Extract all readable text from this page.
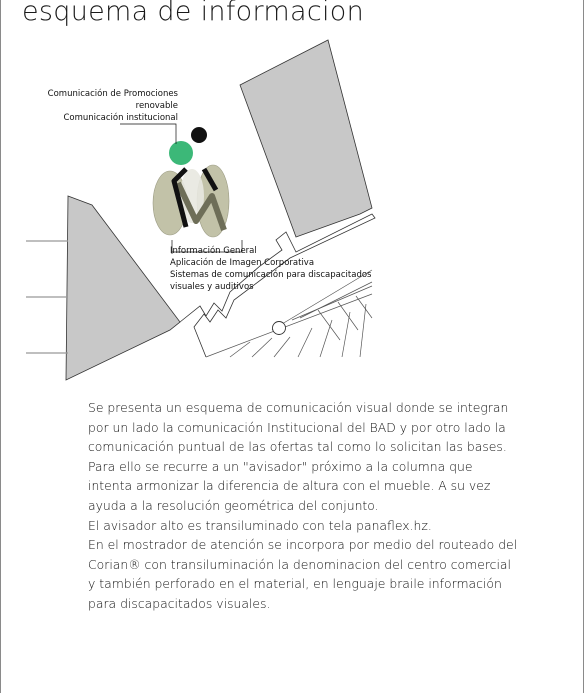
esquema de informacion
Comunicación de Promociones
renovable
Comunicación institucional
Información General
Aplicación de Imagen Corporativa
Sistemas de comunicación para discapacitados
visuales y auditivos

Se presenta un esquema de comunicación visual donde se integran por un lado la comunicación Institucional del BAD y por otro lado la comunicación puntual de las ofertas tal como lo solicitan las bases.

Para ello se recurre a un "avisador" próximo a la columna que intenta armonizar la diferencia de altura con el mueble. A su vez ayuda a la resolución geométrica del conjunto.

El avisador alto es transiluminado con tela panaflex.hz.

En el mostrador de atención se incorpora por medio del routeado del Corian® con transiluminación la denominacion del centro comercial y también perforado en el material, en lenguaje braile información para discapacitados visuales.
